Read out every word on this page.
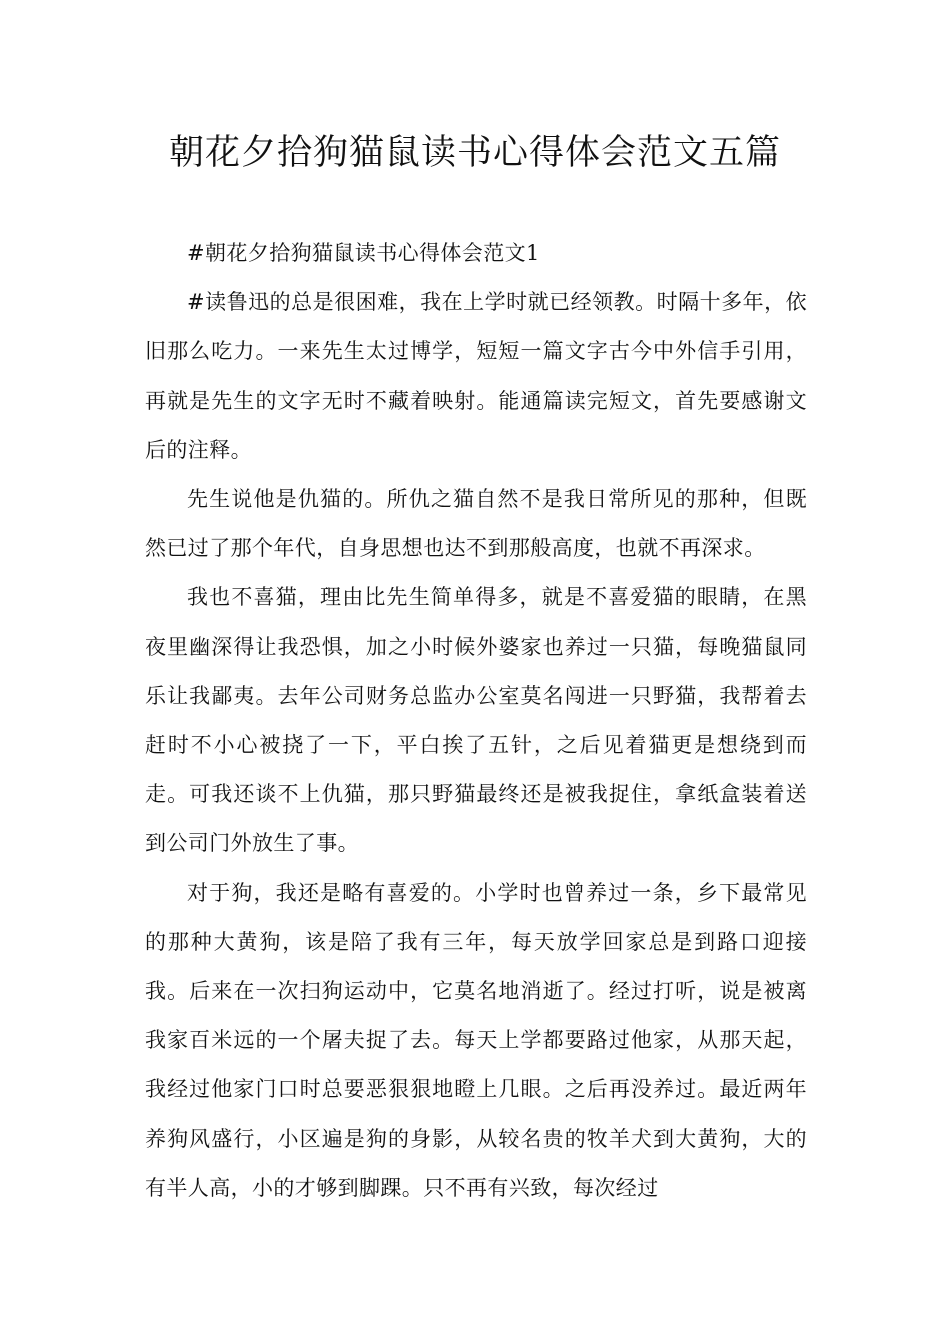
朝花夕拾狗猫鼠读书心得体会范文五篇

#朝花夕拾狗猫鼠读书心得体会范文1

#读鲁迅的总是很困难，我在上学时就已经领教。时隔十多年，依旧那么吃力。一来先生太过博学，短短一篇文字古今中外信手引用，再就是先生的文字无时不藏着映射。能通篇读完短文，首先要感谢文后的注释。

先生说他是仇猫的。所仇之猫自然不是我日常所见的那种，但既然已过了那个年代，自身思想也达不到那般高度，也就不再深求。

我也不喜猫，理由比先生简单得多，就是不喜爱猫的眼睛，在黑夜里幽深得让我恐惧，加之小时候外婆家也养过一只猫，每晚猫鼠同乐让我鄙夷。去年公司财务总监办公室莫名闯进一只野猫，我帮着去赶时不小心被挠了一下，平白挨了五针，之后见着猫更是想绕到而走。可我还谈不上仇猫，那只野猫最终还是被我捉住，拿纸盒装着送到公司门外放生了事。

对于狗，我还是略有喜爱的。小学时也曾养过一条，乡下最常见的那种大黄狗，该是陪了我有三年，每天放学回家总是到路口迎接我。后来在一次扫狗运动中，它莫名地消逝了。经过打听，说是被离我家百米远的一个屠夫捉了去。每天上学都要路过他家，从那天起，我经过他家门口时总要恶狠狠地瞪上几眼。之后再没养过。最近两年养狗风盛行，小区遍是狗的身影，从较名贵的牧羊犬到大黄狗，大的有半人高，小的才够到脚踝。只不再有兴致，每次经过
